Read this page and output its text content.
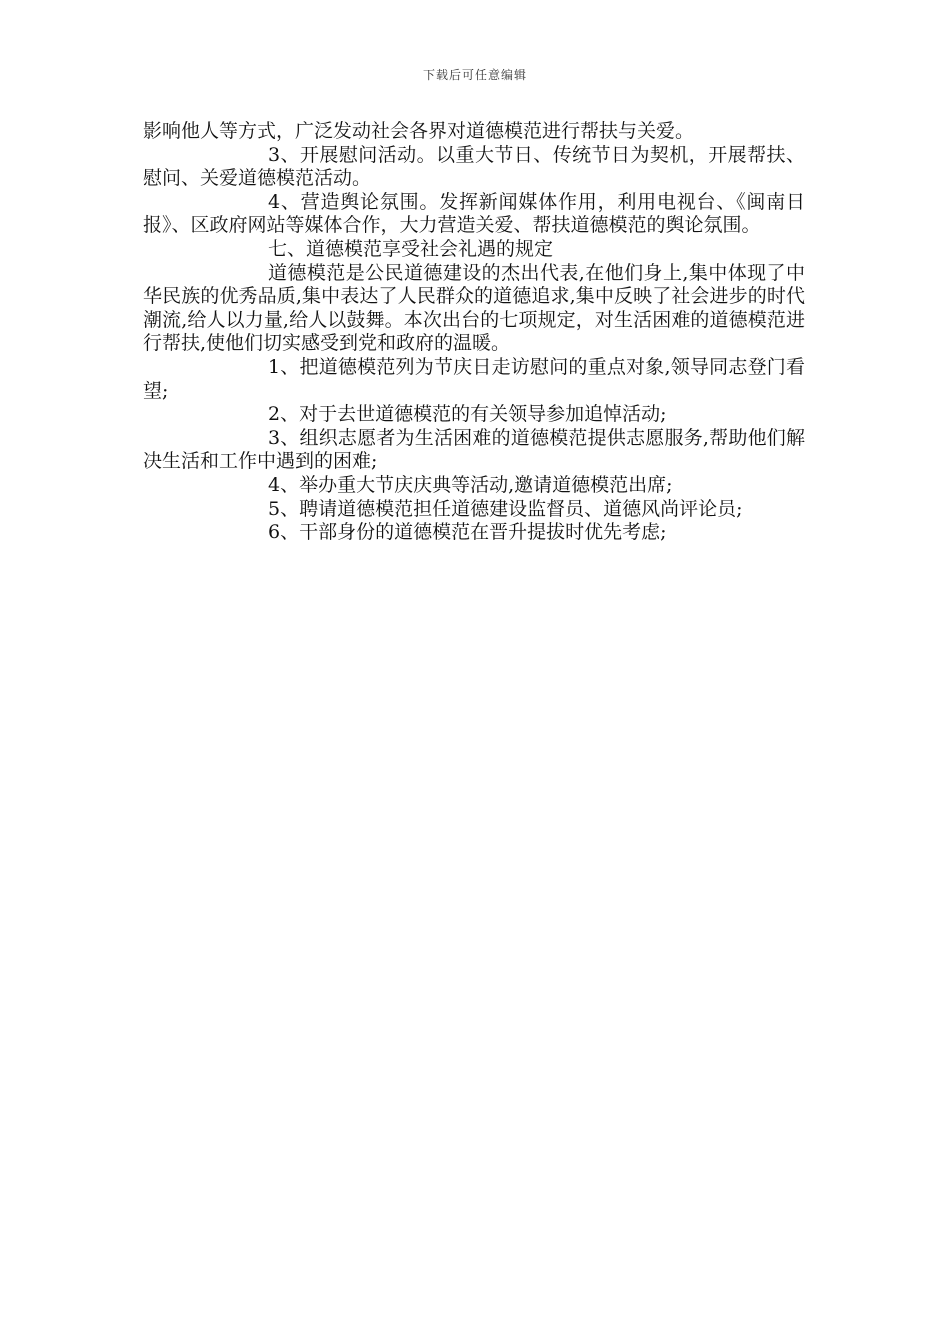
下载后可任意编辑

影响他人等方式，广泛发动社会各界对道德模范进行帮扶与关爱。

3、开展慰问活动。以重大节日、传统节日为契机，开展帮扶、慰问、关爱道德模范活动。

4、营造舆论氛围。发挥新闻媒体作用，利用电视台、《闽南日报》、区政府网站等媒体合作，大力营造关爱、帮扶道德模范的舆论氛围。

七、道德模范享受社会礼遇的规定

道德模范是公民道德建设的杰出代表,在他们身上,集中体现了中华民族的优秀品质,集中表达了人民群众的道德追求,集中反映了社会进步的时代潮流,给人以力量,给人以鼓舞。本次出台的七项规定，对生活困难的道德模范进行帮扶,使他们切实感受到党和政府的温暖。

1、把道德模范列为节庆日走访慰问的重点对象,领导同志登门看望;

2、对于去世道德模范的有关领导参加追悼活动;

3、组织志愿者为生活困难的道德模范提供志愿服务,帮助他们解决生活和工作中遇到的困难;

4、举办重大节庆庆典等活动,邀请道德模范出席;

5、聘请道德模范担任道德建设监督员、道德风尚评论员;

6、干部身份的道德模范在晋升提拔时优先考虑;
